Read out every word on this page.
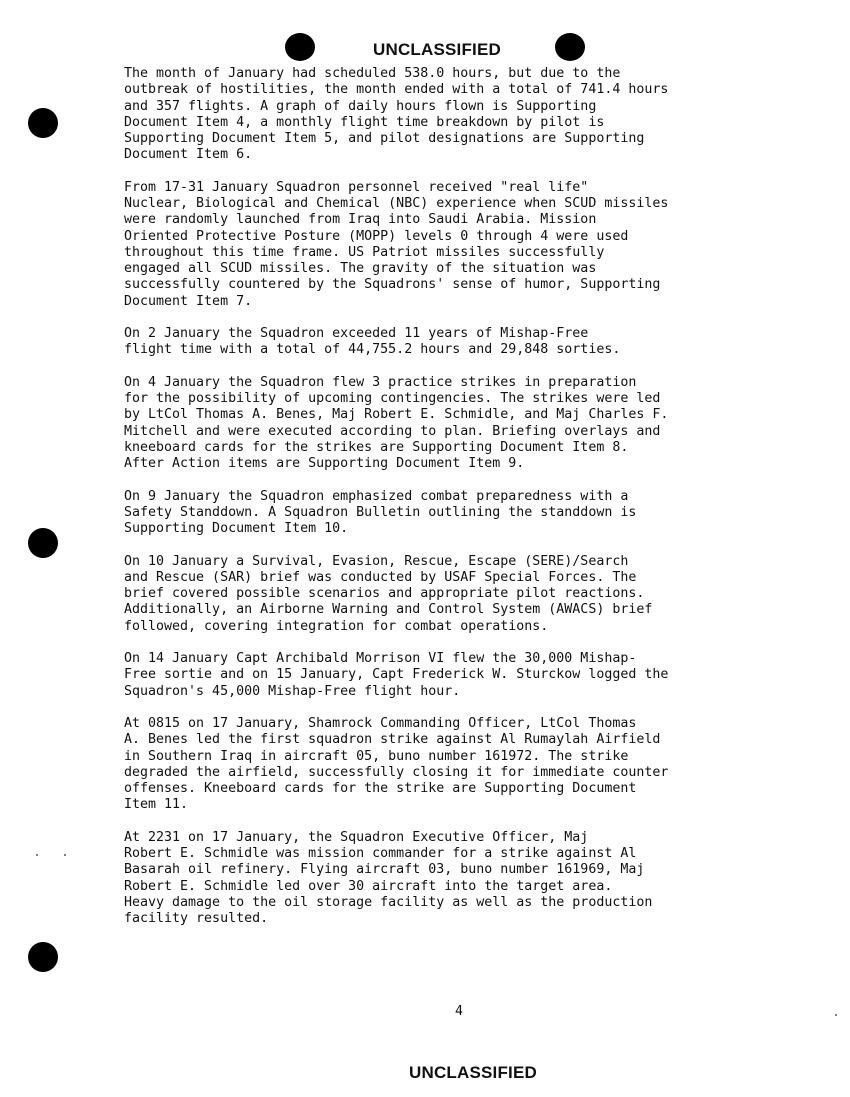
UNCLASSIFIED

The month of January had scheduled 538.0 hours, but due to the
outbreak of hostilities, the month ended with a total of 741.4 hours
and 357 flights. A graph of daily hours flown is Supporting
Document Item 4, a monthly flight time breakdown by pilot is
Supporting Document Item 5, and pilot designations are Supporting
Document Item 6.

From 17-31 January Squadron personnel received "real life"
Nuclear, Biological and Chemical (NBC) experience when SCUD missiles
were randomly launched from Iraq into Saudi Arabia. Mission
Oriented Protective Posture (MOPP) levels 0 through 4 were used
throughout this time frame. US Patriot missiles successfully
engaged all SCUD missiles. The gravity of the situation was
successfully countered by the Squadrons' sense of humor, Supporting
Document Item 7.

On 2 January the Squadron exceeded 11 years of Mishap-Free
flight time with a total of 44,755.2 hours and 29,848 sorties.

On 4 January the Squadron flew 3 practice strikes in preparation
for the possibility of upcoming contingencies. The strikes were led
by LtCol Thomas A. Benes, Maj Robert E. Schmidle, and Maj Charles F.
Mitchell and were executed according to plan. Briefing overlays and
kneeboard cards for the strikes are Supporting Document Item 8.
After Action items are Supporting Document Item 9.

On 9 January the Squadron emphasized combat preparedness with a
Safety Standdown. A Squadron Bulletin outlining the standdown is
Supporting Document Item 10.

On 10 January a Survival, Evasion, Rescue, Escape (SERE)/Search
and Rescue (SAR) brief was conducted by USAF Special Forces. The
brief covered possible scenarios and appropriate pilot reactions.
Additionally, an Airborne Warning and Control System (AWACS) brief
followed, covering integration for combat operations.

On 14 January Capt Archibald Morrison VI flew the 30,000 Mishap-
Free sortie and on 15 January, Capt Frederick W. Sturckow logged the
Squadron's 45,000 Mishap-Free flight hour.

At 0815 on 17 January, Shamrock Commanding Officer, LtCol Thomas
A. Benes led the first squadron strike against Al Rumaylah Airfield
in Southern Iraq in aircraft 05, buno number 161972. The strike
degraded the airfield, successfully closing it for immediate counter
offenses. Kneeboard cards for the strike are Supporting Document
Item 11.

At 2231 on 17 January, the Squadron Executive Officer, Maj
Robert E. Schmidle was mission commander for a strike against Al
Basarah oil refinery. Flying aircraft 03, buno number 161969, Maj
Robert E. Schmidle led over 30 aircraft into the target area.
Heavy damage to the oil storage facility as well as the production
facility resulted.

4
UNCLASSIFIED
